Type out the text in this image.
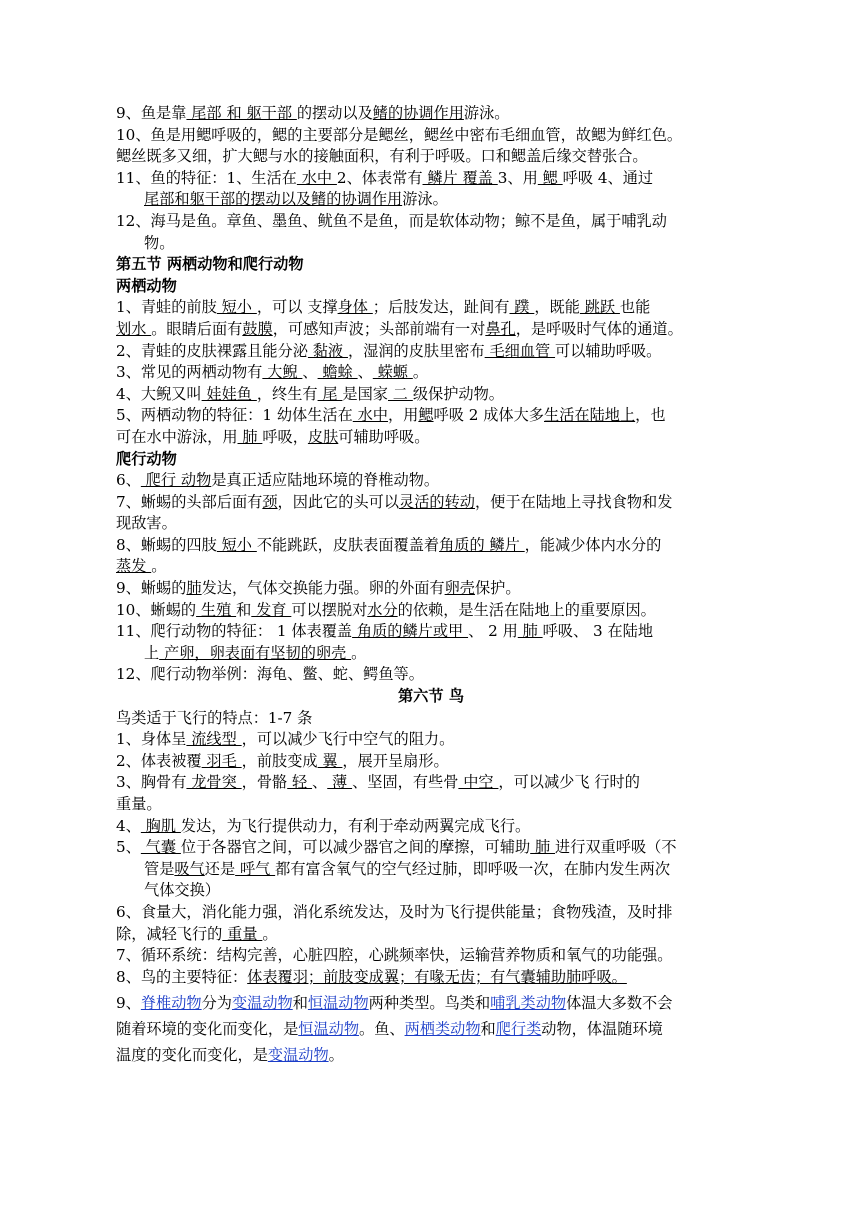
9、鱼是靠 尾部 和 躯干部 的摆动以及鳍的协调作用游泳。
10、鱼是用鳃呼吸的，鳃的主要部分是鳃丝，鳃丝中密布毛细血管，故鳃为鲜红色。
鳃丝既多又细，扩大鳃与水的接触面积，有利于呼吸。口和鳃盖后缘交替张合。
11、鱼的特征：1、生活在 水中 2、体表常有 鳞片 覆盖 3、用 鳃 呼吸 4、通过
尾部和躯干部的摆动以及鳍的协调作用游泳。
12、海马是鱼。章鱼、墨鱼、鱿鱼不是鱼，而是软体动物；鲸不是鱼，属于哺乳动
物。
第五节 两栖动物和爬行动物
两栖动物
1、青蛙的前肢 短小 ，可以 支撑身体 ；后肢发达，趾间有 蹼 ，既能 跳跃 也能
划水 。眼睛后面有鼓膜，可感知声波；头部前端有一对鼻孔，是呼吸时气体的通道。
2、青蛙的皮肤裸露且能分泌 黏液 ，湿润的皮肤里密布 毛细血管 可以辅助呼吸。
3、常见的两栖动物有 大鲵 、 蟾蜍 、 蝾螈 。
4、大鲵又叫 娃娃鱼 ，终生有 尾 是国家 二 级保护动物。
5、两栖动物的特征：1 幼体生活在 水中，用鳃呼吸 2 成体大多生活在陆地上，也
可在水中游泳，用 肺 呼吸，皮肤可辅助呼吸。
爬行动物
6、 爬行 动物是真正适应陆地环境的脊椎动物。
7、蜥蜴的头部后面有颈，因此它的头可以灵活的转动，便于在陆地上寻找食物和发
现敌害。
8、蜥蜴的四肢 短小 不能跳跃，皮肤表面覆盖着角质的 鳞片 ，能减少体内水分的
蒸发 。
9、蜥蜴的肺发达，气体交换能力强。卵的外面有卵壳保护。
10、蜥蜴的 生殖 和 发育 可以摆脱对水分的依赖，是生活在陆地上的重要原因。
11、爬行动物的特征： 1 体表覆盖 角质的鳞片或甲 、 2 用 肺 呼吸、 3 在陆地
上 产卵，卵表面有坚韧的卵壳 。
12、爬行动物举例：海龟、鳖、蛇、鳄鱼等。
第六节 鸟
鸟类适于飞行的特点：1-7 条
1、身体呈 流线型 ，可以减少飞行中空气的阻力。
2、体表被覆 羽毛 ，前肢变成 翼 ，展开呈扇形。
3、胸骨有 龙骨突 ，骨骼 轻 、 薄 、坚固，有些骨 中空 ，可以减少飞 行时的
重量。
4、 胸肌 发达，为飞行提供动力，有利于牵动两翼完成飞行。
5、 气囊 位于各器官之间，可以减少器官之间的摩擦，可辅助 肺 进行双重呼吸（不
管是吸气还是 呼气 都有富含氧气的空气经过肺，即呼吸一次，在肺内发生两次
气体交换）
6、食量大，消化能力强，消化系统发达，及时为飞行提供能量；食物残渣，及时排
除，减轻飞行的 重量 。
7、循环系统：结构完善，心脏四腔，心跳频率快，运输营养物质和氧气的功能强。
8、鸟的主要特征：体表覆羽；前肢变成翼；有喙无齿；有气囊辅助肺呼吸。
9、脊椎动物分为变温动物和恒温动物两种类型。鸟类和哺乳类动物体温大多数不会
随着环境的变化而变化，是恒温动物。鱼、两栖类动物和爬行类动物，体温随环境
温度的变化而变化，是变温动物。
